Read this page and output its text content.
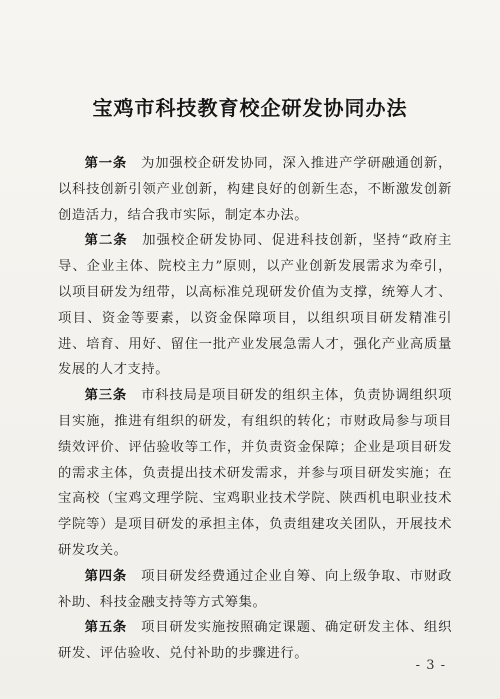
宝鸡市科技教育校企研发协同办法

第一条　 为加强校企研发协同，深入推进产学研融通创新，以科技创新引领产业创新，构建良好的创新生态，不断激发创新创造活力，结合我市实际，制定本办法。

第二条　 加强校企研发协同、促进科技创新，坚持“政府主导、企业主体、院校主力”原则，以产业创新发展需求为牵引，以项目研发为纽带，以高标准兑现研发价值为支撑，统筹人才、项目、资金等要素，以资金保障项目，以组织项目研发精准引进、培育、用好、留住一批产业发展急需人才，强化产业高质量发展的人才支持。

第三条　 市科技局是项目研发的组织主体，负责协调组织项目实施，推进有组织的研发，有组织的转化；市财政局参与项目绩效评价、评估验收等工作，并负责资金保障；企业是项目研发的需求主体，负责提出技术研发需求，并参与项目研发实施；在宝高校（宝鸡文理学院、宝鸡职业技术学院、陕西机电职业技术学院等）是项目研发的承担主体，负责组建攻关团队，开展技术研发攻关。

第四条　 项目研发经费通过企业自筹、向上级争取、市财政补助、科技金融支持等方式筹集。

第五条　 项目研发实施按照确定课题、确定研发主体、组织研发、评估验收、兑付补助的步骤进行。

- 3 -
